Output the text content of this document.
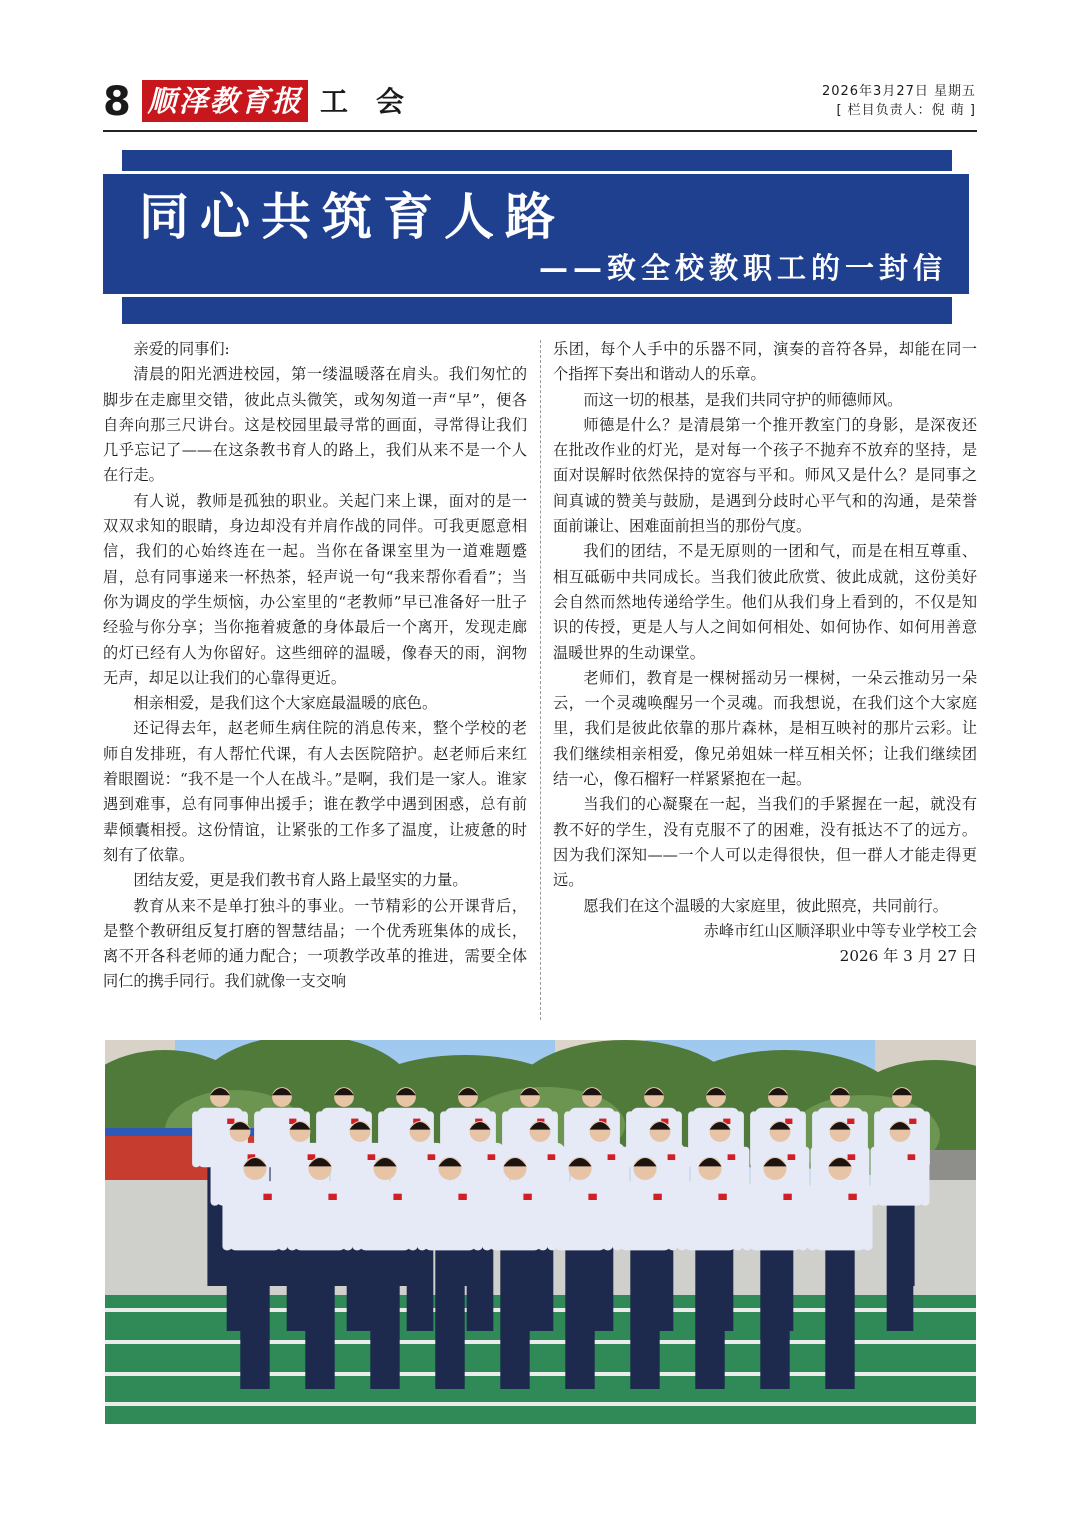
8 顺泽教育报 工会	2026年3月27日 星期五
[ 栏目负责人：倪 萌 ]
同心共筑育人路
——致全校教职工的一封信

亲爱的同事们:

清晨的阳光洒进校园，第一缕温暖落在肩头。我们匆忙的脚步在走廊里交错，彼此点头微笑，或匆匆道一声“早”，便各自奔向那三尺讲台。这是校园里最寻常的画面，寻常得让我们几乎忘记了——在这条教书育人的路上，我们从来不是一个人在行走。

有人说，教师是孤独的职业。关起门来上课，面对的是一双双求知的眼睛，身边却没有并肩作战的同伴。可我更愿意相信，我们的心始终连在一起。当你在备课室里为一道难题蹙眉，总有同事递来一杯热茶，轻声说一句“我来帮你看看”；当你为调皮的学生烦恼，办公室里的“老教师”早已准备好一肚子经验与你分享；当你拖着疲惫的身体最后一个离开，发现走廊的灯已经有人为你留好。这些细碎的温暖，像春天的雨，润物无声，却足以让我们的心靠得更近。

相亲相爱，是我们这个大家庭最温暖的底色。

还记得去年，赵老师生病住院的消息传来，整个学校的老师自发排班，有人帮忙代课，有人去医院陪护。赵老师后来红着眼圈说：“我不是一个人在战斗。”是啊，我们是一家人。谁家遇到难事，总有同事伸出援手；谁在教学中遇到困惑，总有前辈倾囊相授。这份情谊，让紧张的工作多了温度，让疲惫的时刻有了依靠。

团结友爱，更是我们教书育人路上最坚实的力量。

教育从来不是单打独斗的事业。一节精彩的公开课背后，是整个教研组反复打磨的智慧结晶；一个优秀班集体的成长，离不开各科老师的通力配合；一项教学改革的推进，需要全体同仁的携手同行。我们就像一支交响

乐团，每个人手中的乐器不同，演奏的音符各异，却能在同一个指挥下奏出和谐动人的乐章。

而这一切的根基，是我们共同守护的师德师风。

师德是什么？是清晨第一个推开教室门的身影，是深夜还在批改作业的灯光，是对每一个孩子不抛弃不放弃的坚持，是面对误解时依然保持的宽容与平和。师风又是什么？是同事之间真诚的赞美与鼓励，是遇到分歧时心平气和的沟通，是荣誉面前谦让、困难面前担当的那份气度。

我们的团结，不是无原则的一团和气，而是在相互尊重、相互砥砺中共同成长。当我们彼此欣赏、彼此成就，这份美好会自然而然地传递给学生。他们从我们身上看到的，不仅是知识的传授，更是人与人之间如何相处、如何协作、如何用善意温暖世界的生动课堂。

老师们，教育是一棵树摇动另一棵树，一朵云推动另一朵云，一个灵魂唤醒另一个灵魂。而我想说，在我们这个大家庭里，我们是彼此依靠的那片森林，是相互映衬的那片云彩。让我们继续相亲相爱，像兄弟姐妹一样互相关怀；让我们继续团结一心，像石榴籽一样紧紧抱在一起。

当我们的心凝聚在一起，当我们的手紧握在一起，就没有教不好的学生，没有克服不了的困难，没有抵达不了的远方。因为我们深知——一个人可以走得很快，但一群人才能走得更远。

愿我们在这个温暖的大家庭里，彼此照亮，共同前行。

赤峰市红山区顺泽职业中等专业学校工会

2026 年 3 月 27 日
